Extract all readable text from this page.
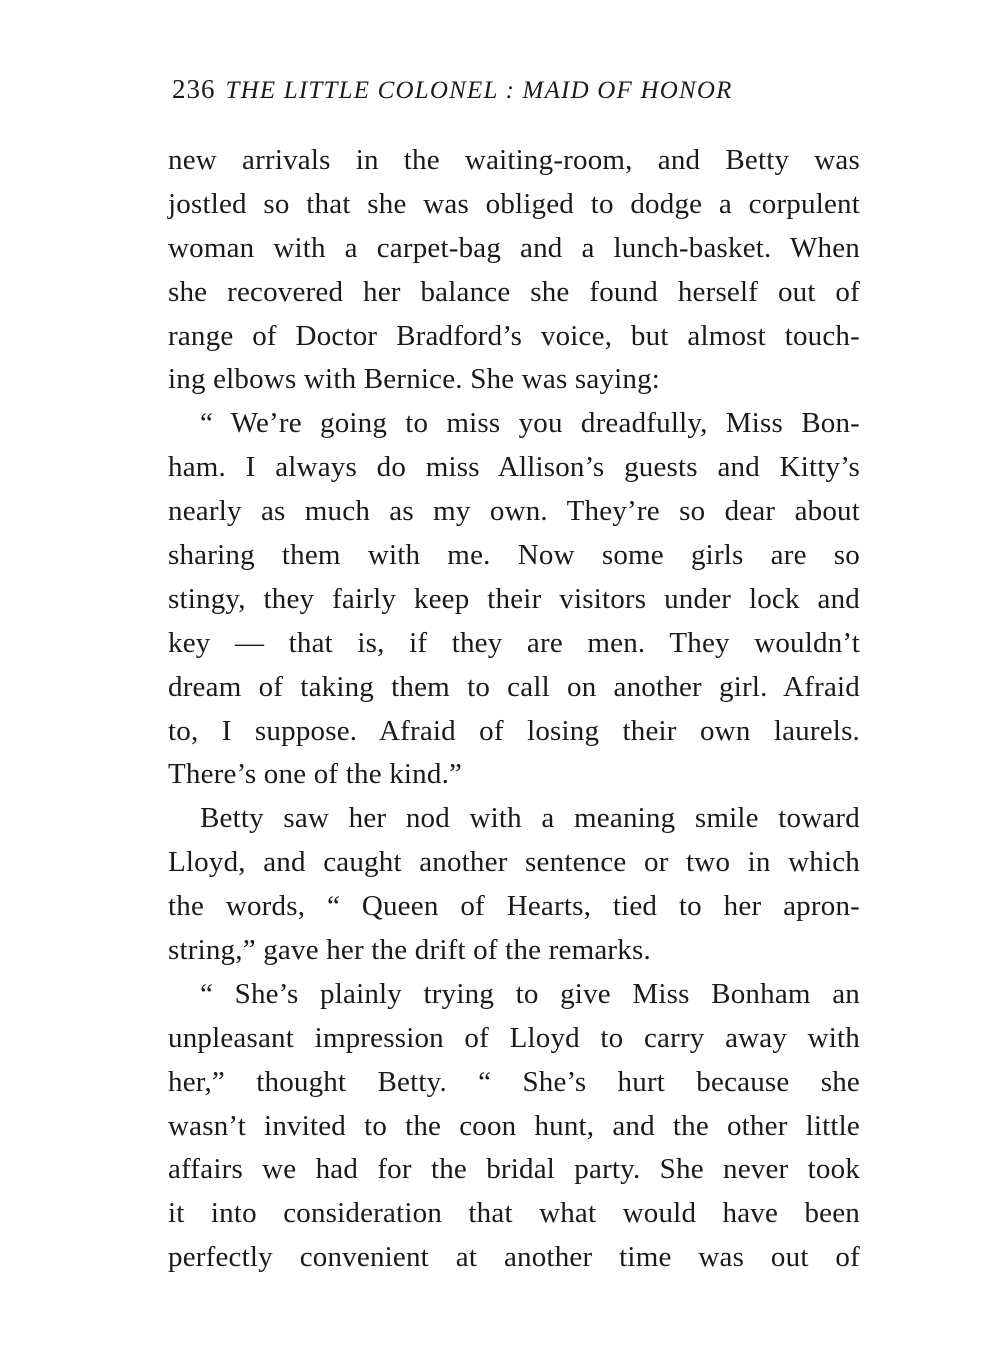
236 THE LITTLE COLONEL : MAID OF HONOR
new arrivals in the waiting-room, and Betty was
jostled so that she was obliged to dodge a corpulent
woman with a carpet-bag and a lunch-basket. When
she recovered her balance she found herself out of
range of Doctor Bradford’s voice, but almost touch-
ing elbows with Bernice. She was saying:
“ We’re going to miss you dreadfully, Miss Bon-
ham. I always do miss Allison’s guests and Kitty’s
nearly as much as my own. They’re so dear about
sharing them with me. Now some girls are so
stingy, they fairly keep their visitors under lock and
key — that is, if they are men. They wouldn’t
dream of taking them to call on another girl. Afraid
to, I suppose. Afraid of losing their own laurels.
There’s one of the kind.”
Betty saw her nod with a meaning smile toward
Lloyd, and caught another sentence or two in which
the words, “ Queen of Hearts, tied to her apron-
string,” gave her the drift of the remarks.
“ She’s plainly trying to give Miss Bonham an
unpleasant impression of Lloyd to carry away with
her,” thought Betty. “ She’s hurt because she
wasn’t invited to the coon hunt, and the other little
affairs we had for the bridal party. She never took
it into consideration that what would have been
perfectly convenient at another time was out of
